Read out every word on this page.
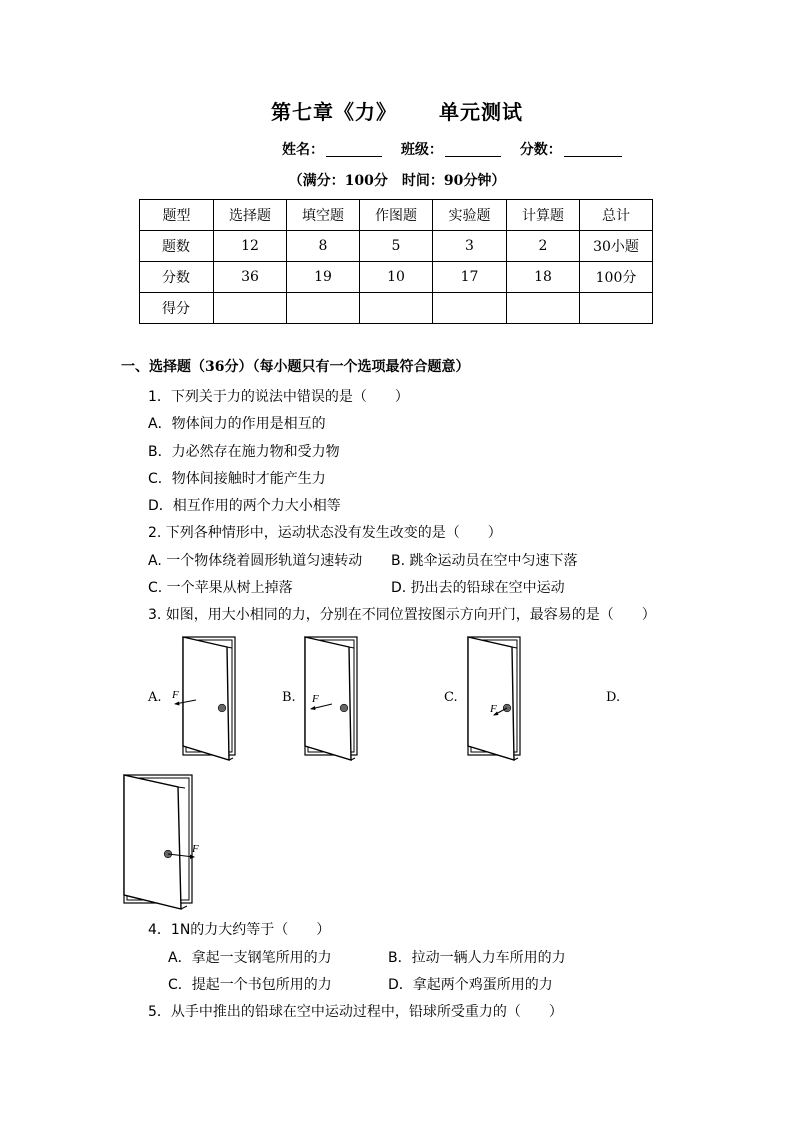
第七章《力》 单元测试
姓名：	班级：	分数：
（满分：100分　时间：90分钟）
题型	选择题	填空题	作图题	实验题	计算题	总计
题数	12	8	5	3	2	30小题
分数	36	19	10	17	18	100分
得分						
一、选择题（36分）（每小题只有一个选项最符合题意）
1．下列关于力的说法中错误的是（　　）
A．物体间力的作用是相互的
B．力必然存在施力物和受力物
C．物体间接触时才能产生力
D．相互作用的两个力大小相等
2. 下列各种情形中，运动状态没有发生改变的是（　　）
A. 一个物体绕着圆形轨道匀速转动 B. 跳伞运动员在空中匀速下落
C. 一个苹果从树上掉落	D. 扔出去的铅球在空中运动
3. 如图，用大小相同的力，分别在不同位置按图示方向开门，最容易的是（　　）
A.	B.	C.	D.
F	F
F
F
4．1N的力大约等于（　　）
A．拿起一支钢笔所用的力	B．拉动一辆人力车所用的力
C．提起一个书包所用的力	D．拿起两个鸡蛋所用的力
5．从手中推出的铅球在空中运动过程中，铅球所受重力的（　　）
